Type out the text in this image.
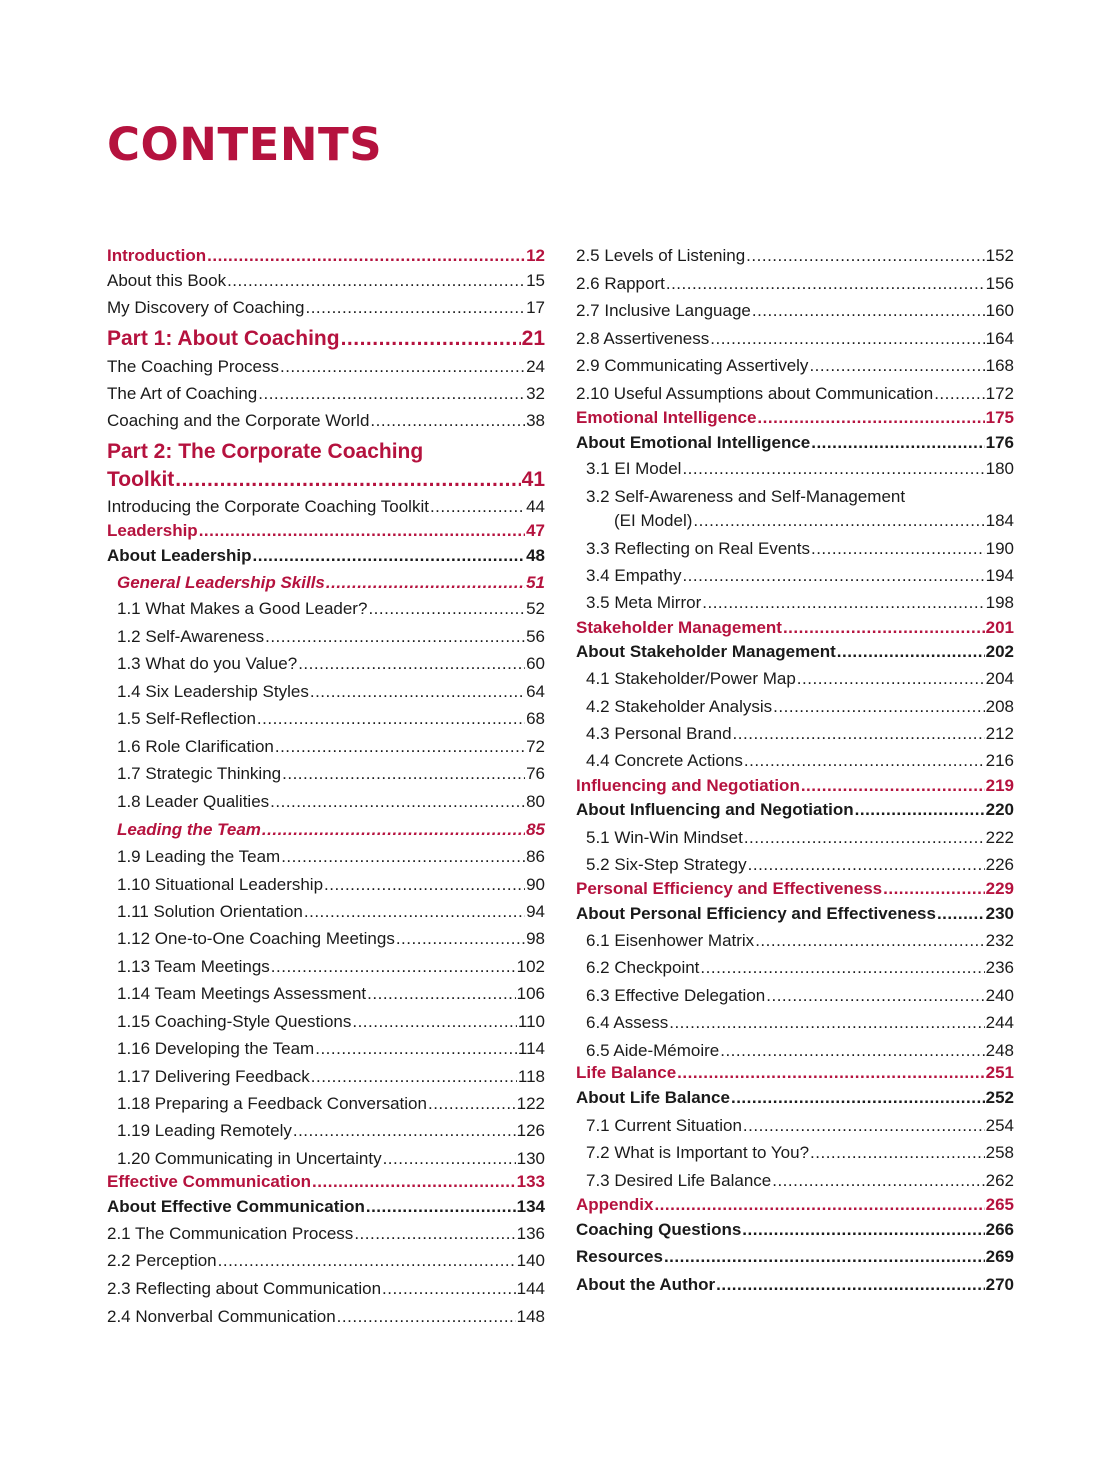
CONTENTS
Introduction .....	12
About this Book .....	15
My Discovery of Coaching .....	17
Part 1: About Coaching .....	21
The Coaching Process .....	24
The Art of Coaching .....	32
Coaching and the Corporate World .....	38
Part 2: The Corporate Coaching
Toolkit .....	41
Introducing the Corporate Coaching Toolkit .....	44
Leadership .....	47
About Leadership .....	48
General Leadership Skills .....	51
1.1 What Makes a Good Leader? .....	52
1.2 Self-Awareness .....	56
1.3 What do you Value? .....	60
1.4 Six Leadership Styles .....	64
1.5 Self-Reflection .....	68
1.6 Role Clarification .....	72
1.7 Strategic Thinking .....	76
1.8 Leader Qualities .....	80
Leading the Team .....	85
1.9 Leading the Team .....	86
1.10 Situational Leadership .....	90
1.11 Solution Orientation .....	94
1.12 One-to-One Coaching Meetings .....	98
1.13 Team Meetings .....	102
1.14 Team Meetings Assessment .....	106
1.15 Coaching-Style Questions .....	110
1.16 Developing the Team .....	114
1.17 Delivering Feedback .....	118
1.18 Preparing a Feedback Conversation .....	122
1.19 Leading Remotely .....	126
1.20 Communicating in Uncertainty .....	130
Effective Communication .....	133
About Effective Communication .....	134
2.1 The Communication Process .....	136
2.2 Perception .....	140
2.3 Reflecting about Communication .....	144
2.4 Nonverbal Communication .....	148
2.5 Levels of Listening .....	152
2.6 Rapport .....	156
2.7 Inclusive Language .....	160
2.8 Assertiveness .....	164
2.9 Communicating Assertively .....	168
2.10 Useful Assumptions about Communication .....	172
Emotional Intelligence .....	175
About Emotional Intelligence .....	176
3.1 EI Model .....	180
3.2 Self-Awareness and Self-Management
(EI Model) .....	184
3.3 Reflecting on Real Events .....	190
3.4 Empathy .....	194
3.5 Meta Mirror .....	198
Stakeholder Management .....	201
About Stakeholder Management .....	202
4.1 Stakeholder/Power Map .....	204
4.2 Stakeholder Analysis .....	208
4.3 Personal Brand .....	212
4.4 Concrete Actions .....	216
Influencing and Negotiation .....	219
About Influencing and Negotiation .....	220
5.1 Win-Win Mindset .....	222
5.2 Six-Step Strategy .....	226
Personal Efficiency and Effectiveness .....	229
About Personal Efficiency and Effectiveness .....	230
6.1 Eisenhower Matrix .....	232
6.2 Checkpoint .....	236
6.3 Effective Delegation .....	240
6.4 Assess .....	244
6.5 Aide-Mémoire .....	248
Life Balance .....	251
About Life Balance .....	252
7.1 Current Situation .....	254
7.2 What is Important to You? .....	258
7.3 Desired Life Balance .....	262
Appendix .....	265
Coaching Questions .....	266
Resources .....	269
About the Author .....	270
